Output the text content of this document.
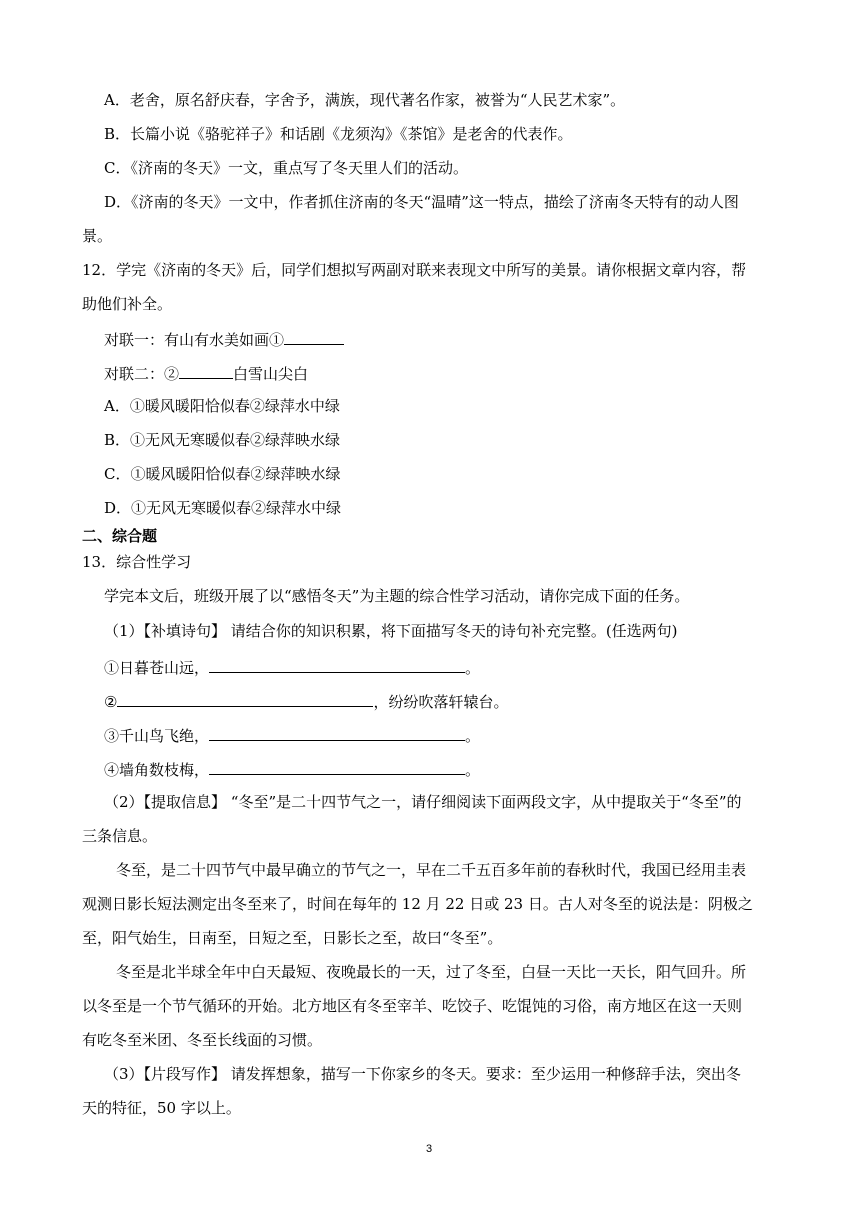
A．老舍，原名舒庆春，字舍予，满族，现代著名作家，被誉为“人民艺术家”。
B．长篇小说《骆驼祥子》和话剧《龙须沟》《茶馆》是老舍的代表作。
C．《济南的冬天》一文，重点写了冬天里人们的活动。
D．《济南的冬天》一文中，作者抓住济南的冬天“温晴”这一特点，描绘了济南冬天特有的动人图
景。
12．学完《济南的冬天》后，同学们想拟写两副对联来表现文中所写的美景。请你根据文章内容，帮
助他们补全。
对联一：有山有水美如画①
对联二：②	白雪山尖白
A．①暖风暖阳恰似春②绿萍水中绿
B．①无风无寒暖似春②绿萍映水绿
C．①暖风暖阳恰似春②绿萍映水绿
D．①无风无寒暖似春②绿萍水中绿
二、综合题
13．综合性学习
学完本文后，班级开展了以“感悟冬天”为主题的综合性学习活动，请你完成下面的任务。
（1）【补填诗句】 请结合你的知识积累，将下面描写冬天的诗句补充完整。(任选两句)
①日暮苍山远，	。
②	，纷纷吹落轩辕台。
③千山鸟飞绝，	。
④墙角数枝梅，	。
（2）【提取信息】 “冬至”是二十四节气之一，请仔细阅读下面两段文字，从中提取关于“冬至”的
三条信息。
冬至，是二十四节气中最早确立的节气之一，早在二千五百多年前的春秋时代，我国已经用圭表
观测日影长短法测定出冬至来了，时间在每年的 12 月 22 日或 23 日。古人对冬至的说法是：阴极之
至，阳气始生，日南至，日短之至，日影长之至，故曰“冬至”。
冬至是北半球全年中白天最短、夜晚最长的一天，过了冬至，白昼一天比一天长，阳气回升。所
以冬至是一个节气循环的开始。北方地区有冬至宰羊、吃饺子、吃馄饨的习俗，南方地区在这一天则
有吃冬至米团、冬至长线面的习惯。
（3）【片段写作】 请发挥想象，描写一下你家乡的冬天。要求：至少运用一种修辞手法，突出冬
天的特征，50 字以上。
3
